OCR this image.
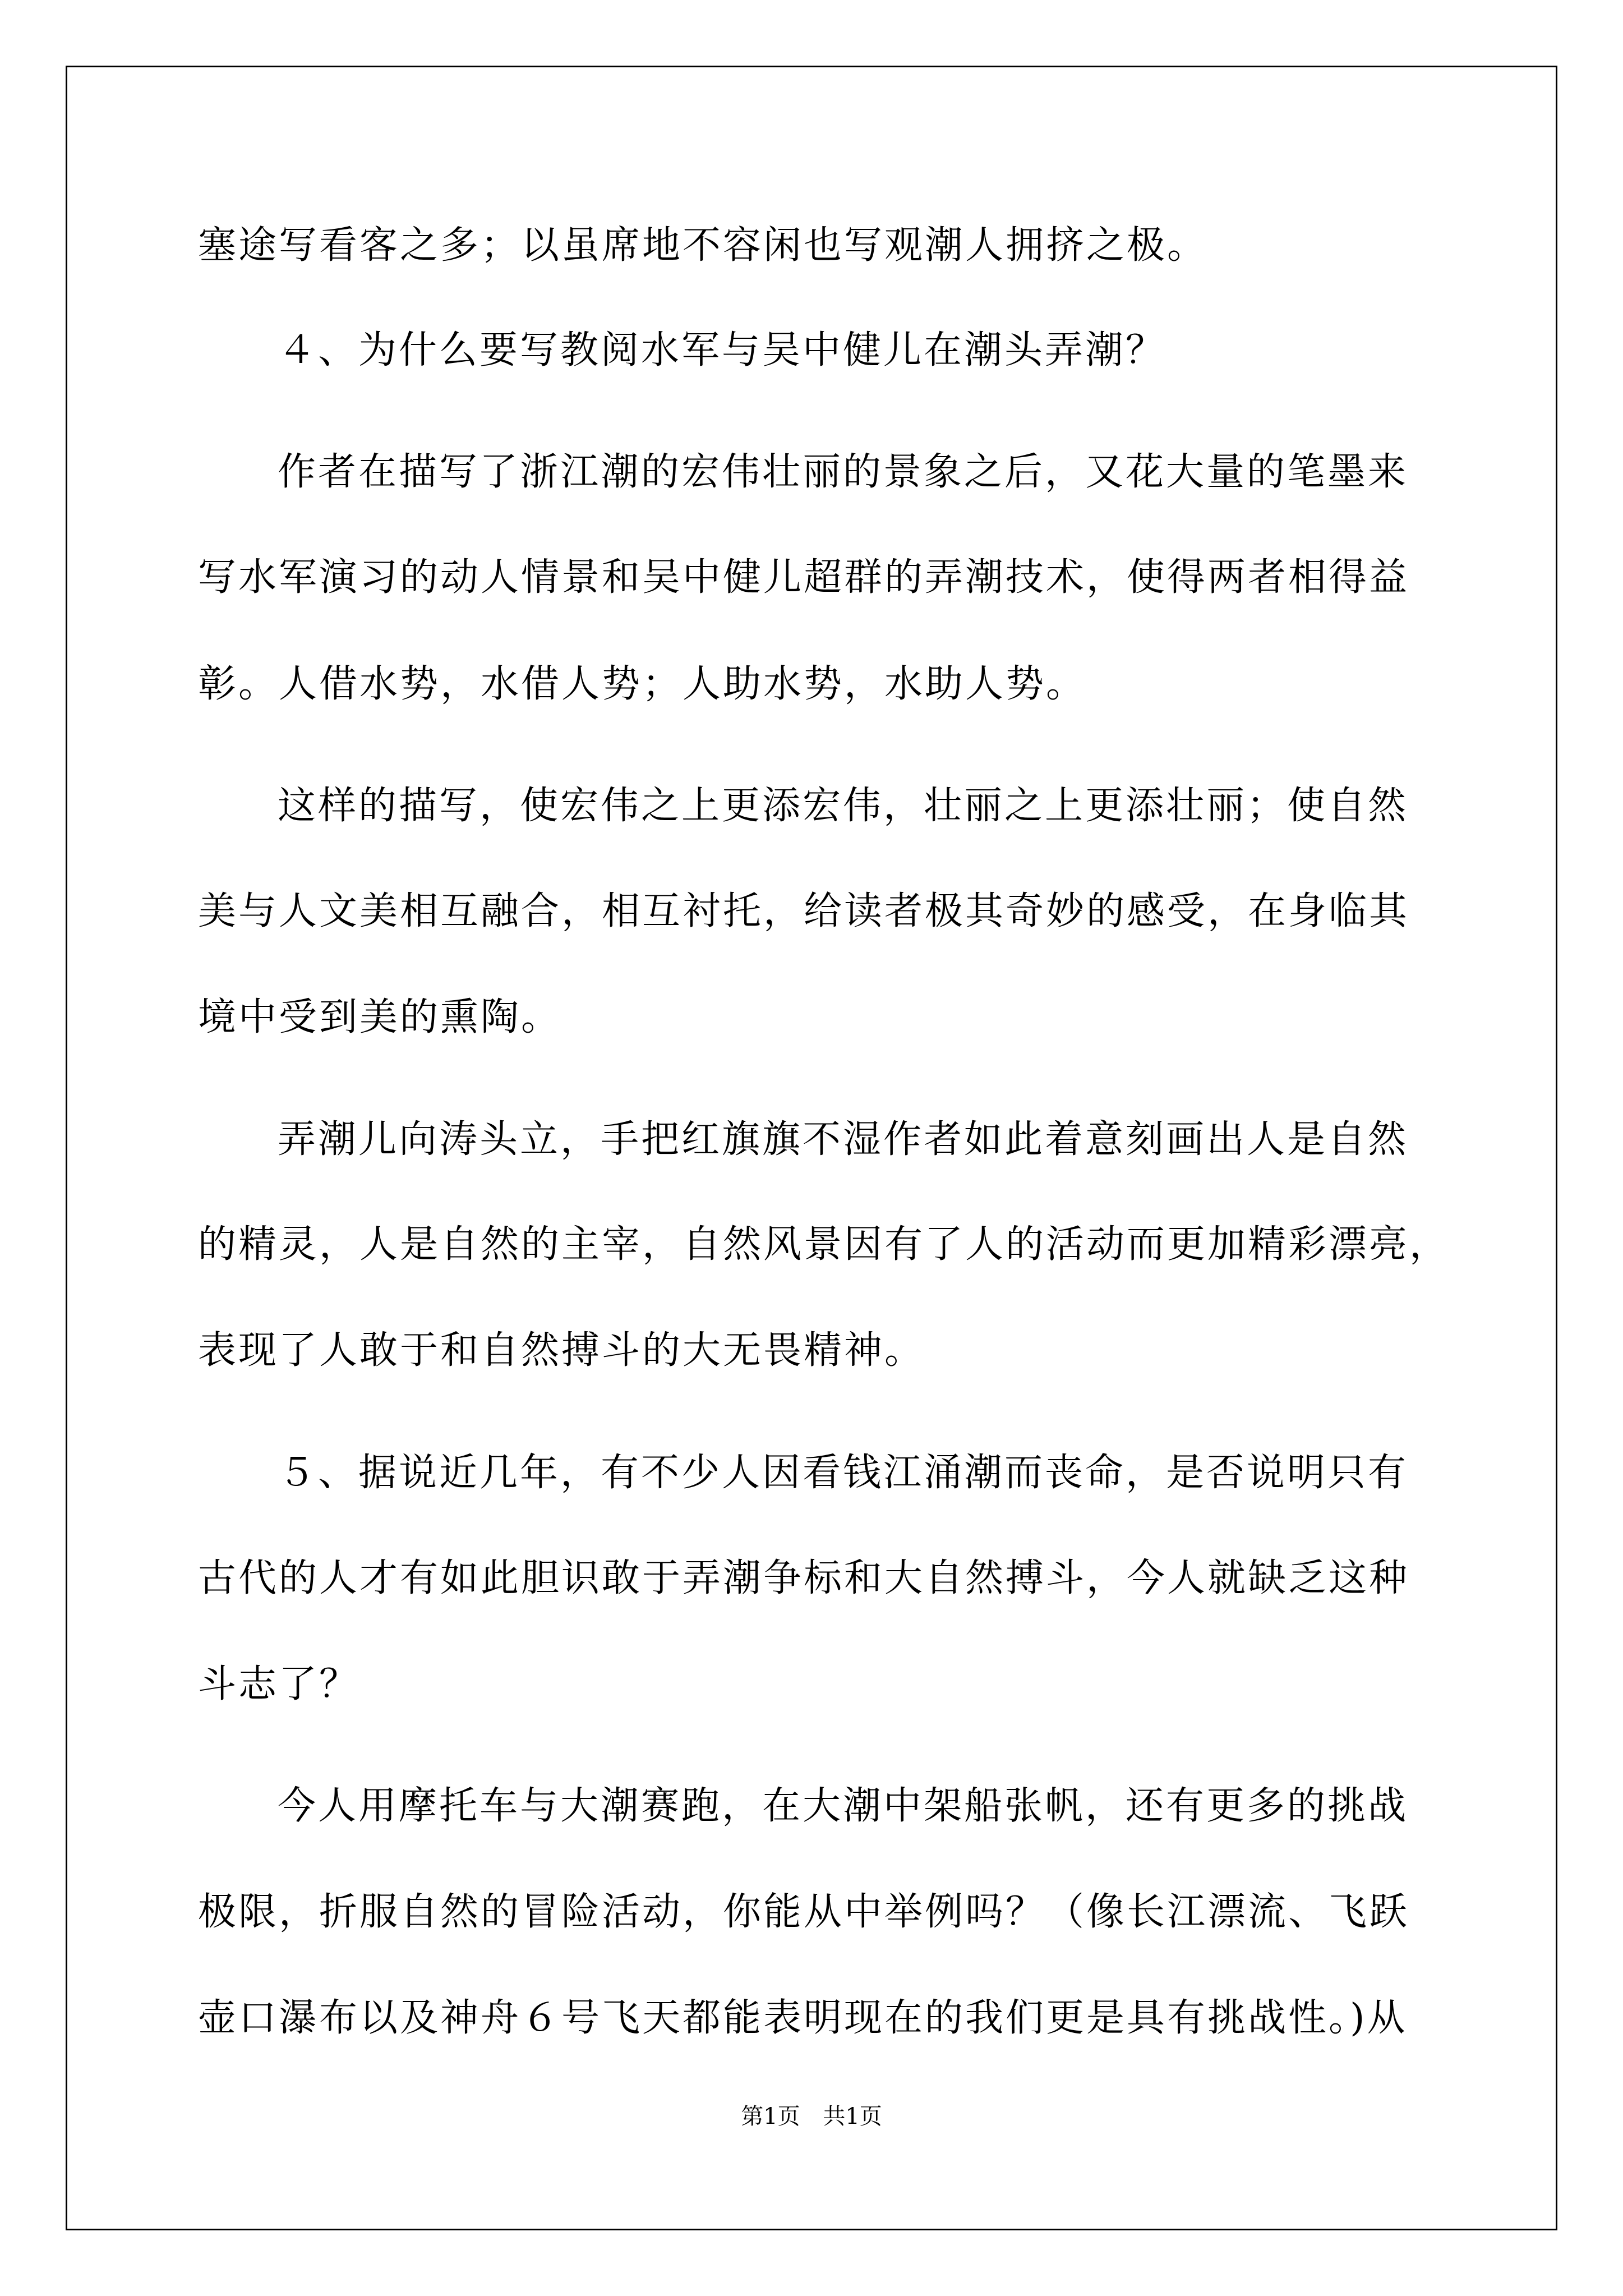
塞途写看客之多；以虽席地不容闲也写观潮人拥挤之极。
４、为什么要写教阅水军与吴中健儿在潮头弄潮？
作者在描写了浙江潮的宏伟壮丽的景象之后，又花大量的笔墨来
写水军演习的动人情景和吴中健儿超群的弄潮技术，使得两者相得益
彰。人借水势，水借人势；人助水势，水助人势。
这样的描写，使宏伟之上更添宏伟，壮丽之上更添壮丽；使自然
美与人文美相互融合，相互衬托，给读者极其奇妙的感受，在身临其
境中受到美的熏陶。
弄潮儿向涛头立，手把红旗旗不湿作者如此着意刻画出人是自然
的精灵，人是自然的主宰，自然风景因有了人的活动而更加精彩漂亮，
表现了人敢于和自然搏斗的大无畏精神。
５、据说近几年，有不少人因看钱江涌潮而丧命，是否说明只有
古代的人才有如此胆识敢于弄潮争标和大自然搏斗，今人就缺乏这种
斗志了？
今人用摩托车与大潮赛跑，在大潮中架船张帆，还有更多的挑战
极限，折服自然的冒险活动，你能从中举例吗？（像长江漂流、飞跃
壶口瀑布以及神舟６号飞天都能表明现在的我们更是具有挑战性。)从
第1页 共1页
